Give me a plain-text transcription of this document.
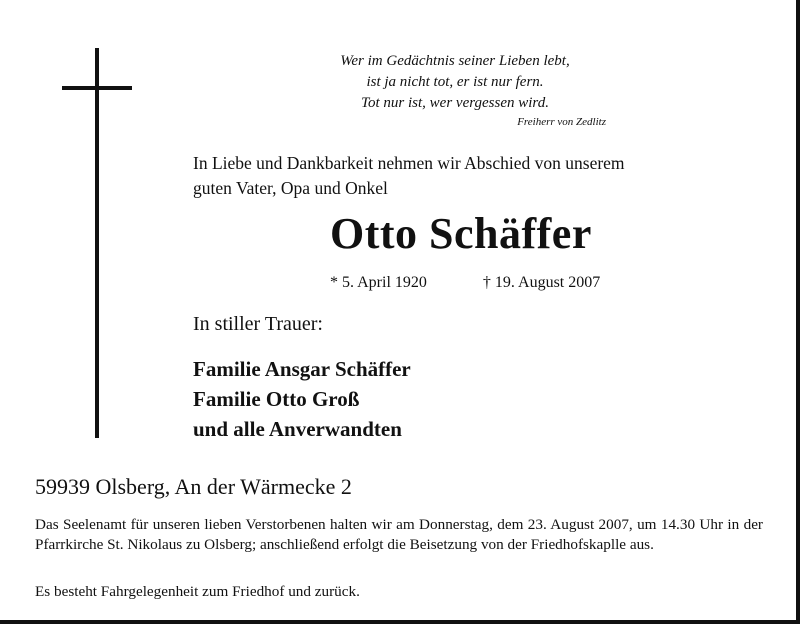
Wer im Gedächtnis seiner Lieben lebt,
ist ja nicht tot, er ist nur fern.
Tot nur ist, wer vergessen wird.
Freiherr von Zedlitz
In Liebe und Dankbarkeit nehmen wir Abschied von unserem
guten Vater, Opa und Onkel
Otto Schäffer
* 5. April 1920	† 19. August 2007
In stiller Trauer:
Familie Ansgar Schäffer
Familie Otto Groß
und alle Anverwandten
59939 Olsberg, An der Wärmecke 2
Das Seelenamt für unseren lieben Verstorbenen halten wir am Donnerstag, dem 23. August 2007, um 14.30 Uhr in der Pfarrkirche St. Nikolaus zu Olsberg; anschließend erfolgt die Beisetzung von der Friedhofskaplle aus.
Es besteht Fahrgelegenheit zum Friedhof und zurück.
